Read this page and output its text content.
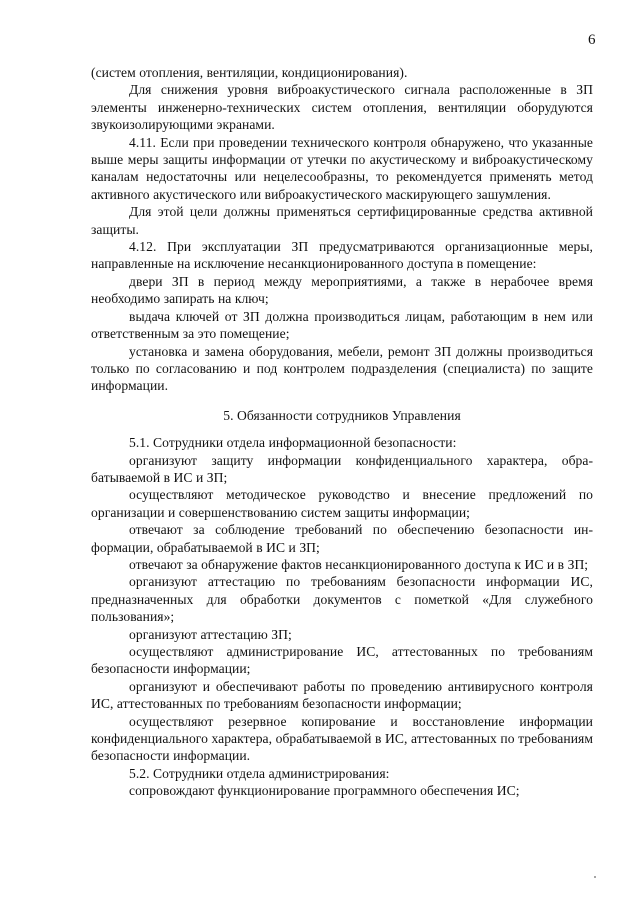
6

(систем отопления, вентиляции, кондиционирования).

Для снижения уровня виброакустического сигнала расположенные в ЗП элементы инженерно-технических систем отопления, вентиляции оборудуются звукоизолирующими экранами.

4.11. Если при проведении технического контроля обнаружено, что указанные выше меры защиты информации от утечки по акустическому и виброакустическому каналам недостаточны или нецелесообразны, то рекомендуется применять метод активного акустического или виброакустического маскирующего зашумления.

Для этой цели должны применяться сертифицированные средства активной защиты.

4.12. При эксплуатации ЗП предусматриваются организационные меры, направленные на исключение несанкционированного доступа в помещение:

двери ЗП в период между мероприятиями, а также в нерабочее время необходимо запирать на ключ;

выдача ключей от ЗП должна производиться лицам, работающим в нем или ответственным за это помещение;

установка и замена оборудования, мебели, ремонт ЗП должны производиться только по согласованию и под контролем подразделения (специалиста) по защите информации.

5. Обязанности сотрудников Управления

5.1. Сотрудники отдела информационной безопасности:

организуют защиту информации конфиденциального характера, обрабатываемой в ИС и ЗП;

осуществляют методическое руководство и внесение предложений по организации и совершенствованию систем защиты информации;

отвечают за соблюдение требований по обеспечению безопасности информации, обрабатываемой в ИС и ЗП;

отвечают за обнаружение фактов несанкционированного доступа к ИС и в ЗП;

организуют аттестацию по требованиям безопасности информации ИС, предназначенных для обработки документов с пометкой «Для служебного пользования»;

организуют аттестацию ЗП;

осуществляют администрирование ИС, аттестованных по требованиям безопасности информации;

организуют и обеспечивают работы по проведению антивирусного контроля ИС, аттестованных по требованиям безопасности информации;

осуществляют резервное копирование и восстановление информации конфиденциального характера, обрабатываемой в ИС, аттестованных по требованиям безопасности информации.

5.2. Сотрудники отдела администрирования:

сопровождают функционирование программного обеспечения ИС;
